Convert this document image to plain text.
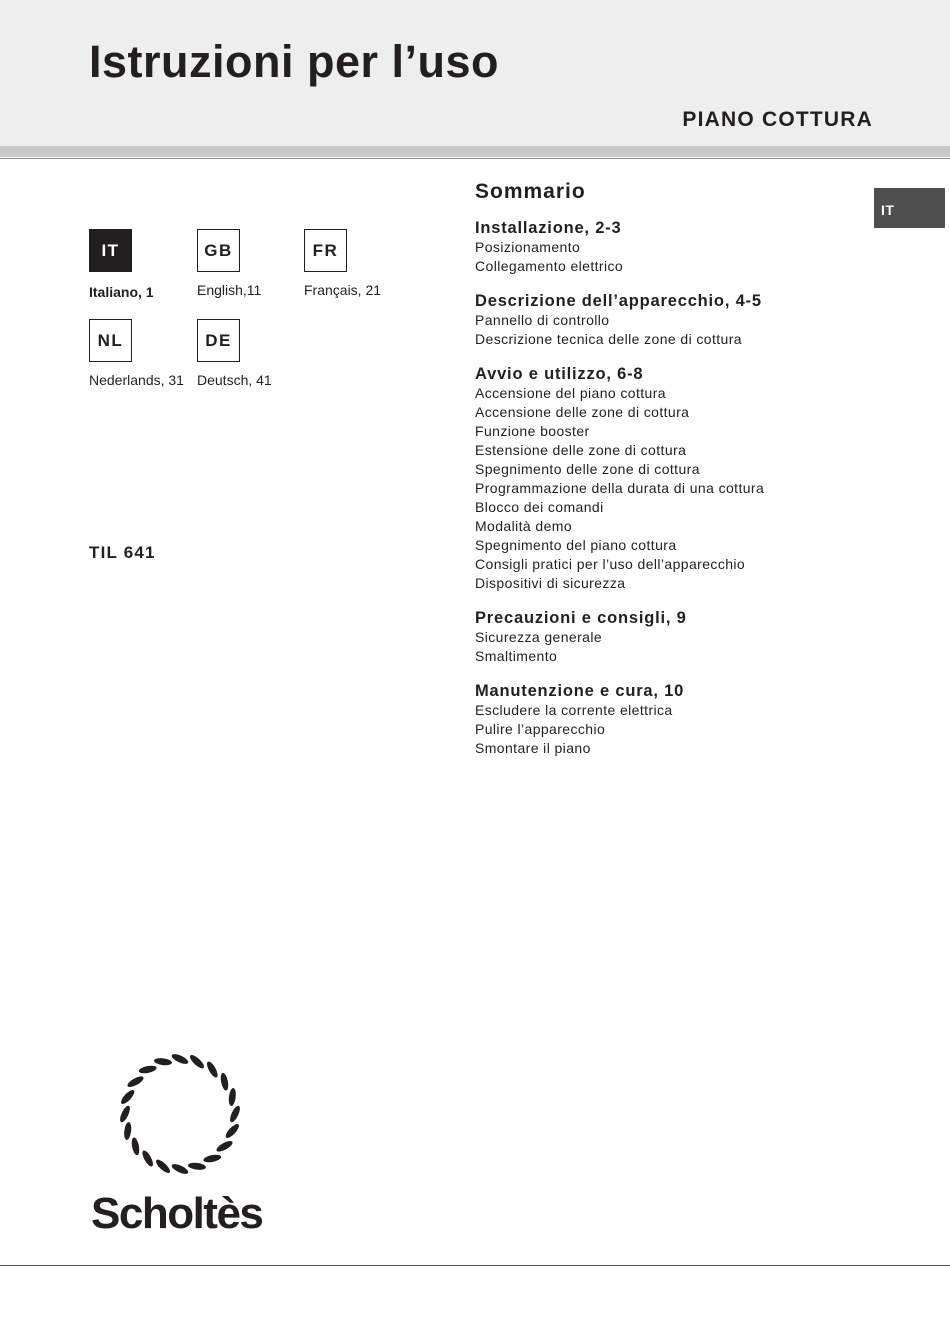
Istruzioni per l’uso
PIANO COTTURA
IT
IT	GB	FR
Italiano, 1	English,11	Français, 21
NL	DE
Nederlands, 31 Deutsch, 41
TIL 641
Sommario
Installazione, 2-3
Posizionamento
Collegamento elettrico
Descrizione dell’apparecchio, 4-5
Pannello di controllo
Descrizione tecnica delle zone di cottura
Avvio e utilizzo, 6-8
Accensione del piano cottura
Accensione delle zone di cottura
Funzione booster
Estensione delle zone di cottura
Spegnimento delle zone di cottura
Programmazione della durata di una cottura
Blocco dei comandi
Modalità demo
Spegnimento del piano cottura
Consigli pratici per l’uso dell’apparecchio
Dispositivi di sicurezza
Precauzioni e consigli, 9
Sicurezza generale
Smaltimento
Manutenzione e cura, 10
Escludere la corrente elettrica
Pulire l’apparecchio
Smontare il piano
Scholtès
